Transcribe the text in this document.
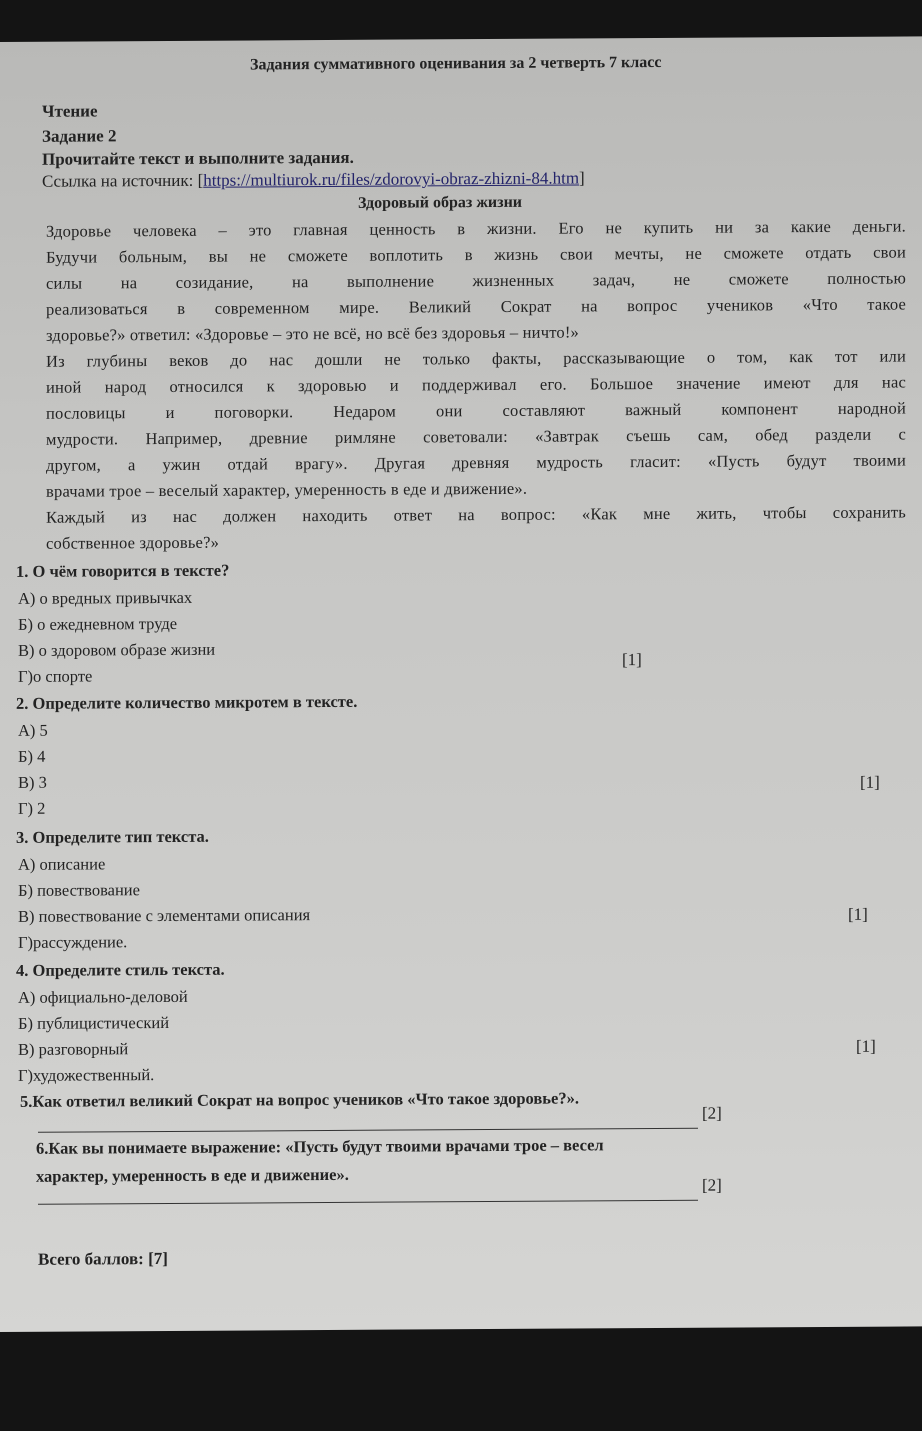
Задания суммативного оценивания за 2 четверть 7 класс
Чтение
Задание 2
Прочитайте текст и выполните задания.
Ссылка на источник: [https://multiurok.ru/files/zdorovyi-obraz-zhizni-84.htm]
Здоровый образ жизни
Здоровье человека – это главная ценность в жизни. Его не купить ни за какие деньги.
Будучи больным, вы не сможете воплотить в жизнь свои мечты, не сможете отдать свои
силы на созидание, на выполнение жизненных задач, не сможете полностью
реализоваться в современном мире. Великий Сократ на вопрос учеников «Что такое
здоровье?» ответил: «Здоровье – это не всё, но всё без здоровья – ничто!»
Из глубины веков до нас дошли не только факты, рассказывающие о том, как тот или
иной народ относился к здоровью и поддерживал его. Большое значение имеют для нас
пословицы и поговорки. Недаром они составляют важный компонент народной
мудрости. Например, древние римляне советовали: «Завтрак съешь сам, обед раздели с
другом, а ужин отдай врагу». Другая древняя мудрость гласит: «Пусть будут твоими
врачами трое – веселый характер, умеренность в еде и движение».
Каждый из нас должен находить ответ на вопрос: «Как мне жить, чтобы сохранить
собственное здоровье?»
1. О чём говорится в тексте?
А) о вредных привычках
Б) о ежедневном труде
В) о здоровом образе жизни
Г)о спорте
[1]
2. Определите количество микротем в тексте.
А) 5
Б) 4
В) 3
Г) 2
[1]
3. Определите тип текста.
А) описание
Б) повествование
В) повествование с элементами описания
Г)рассуждение.
[1]
4. Определите стиль текста.
А) официально-деловой
Б) публицистический
В) разговорный
Г)художественный.
[1]
5.Как ответил великий Сократ на вопрос учеников «Что такое здоровье?».
[2]
6.Как вы понимаете выражение: «Пусть будут твоими врачами трое – весел
характер, умеренность в еде и движение».	[2]
Всего баллов: [7]
